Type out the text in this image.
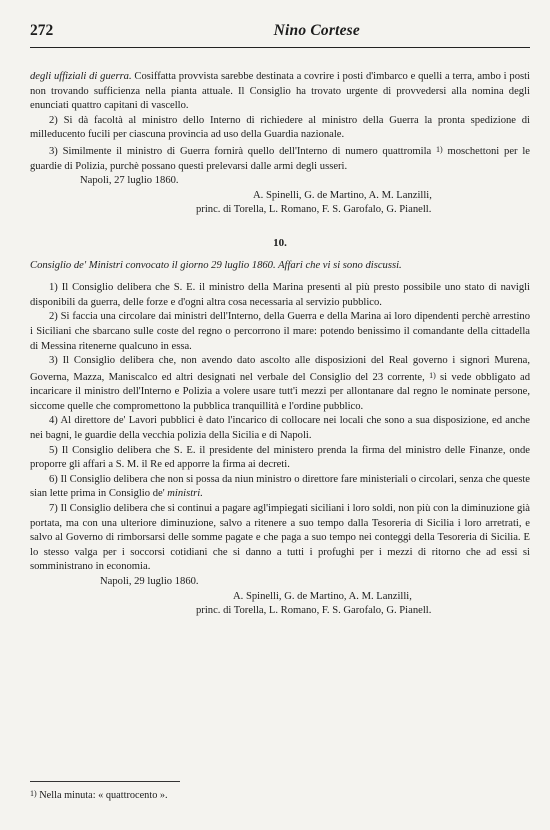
272	Nino Cortese

degli uffiziali di guerra. Cosiffatta provvista sarebbe destinata a covrire i posti d'imbarco e quelli a terra, ambo i posti non trovando sufficienza nella pianta attuale. Il Consiglio ha trovato urgente di provvedersi alla nomina degli enunciati quattro capitani di vascello.

2) Si dà facoltà al ministro dello Interno di richiedere al ministro della Guerra la pronta spedizione di milleducento fucili per ciascuna provincia ad uso della Guardia nazionale.

3) Similmente il ministro di Guerra fornirà quello dell'Interno di numero quattromila $^{1)}$ moschettoni per le guardie di Polizia, purchè possano questi prelevarsi dalle armi degli usseri.

Napoli, 27 luglio 1860.

A. Spinelli, G. de Martino, A. M. Lanzilli,

princ. di Torella, L. Romano, F. S. Garofalo, G. Pianell.

10.

Consiglio de' Ministri convocato il giorno 29 luglio 1860. Affari che vi si sono discussi.

1) Il Consiglio delibera che S. E. il ministro della Marina presenti al più presto possibile uno stato di navigli disponibili da guerra, delle forze e d'ogni altra cosa necessaria al servizio pubblico.

2) Si faccia una circolare dai ministri dell'Interno, della Guerra e della Marina ai loro dipendenti perchè arrestino i Siciliani che sbarcano sulle coste del regno o percorrono il mare: potendo benissimo il comandante della cittadella di Messina ritenerne qualcuno in essa.

3) Il Consiglio delibera che, non avendo dato ascolto alle disposizioni del Real governo i signori Murena, Governa, Mazza, Maniscalco ed altri designati nel verbale del Consiglio del 23 corrente, $^{1)}$ si vede obbligato ad incaricare il ministro dell'Interno e Polizia a volere usare tutt'i mezzi per allontanare dal regno le nominate persone, siccome quelle che compromettono la pubblica tranquillità e l'ordine pubblico.

4) Al direttore de' Lavori pubblici è dato l'incarico di collocare nei locali che sono a sua disposizione, ed anche nei bagni, le guardie della vecchia polizia della Sicilia e di Napoli.

5) Il Consiglio delibera che S. E. il presidente del ministero prenda la firma del ministro delle Finanze, onde proporre gli affari a S. M. il Re ed apporre la firma ai decreti.

6) Il Consiglio delibera che non si possa da niun ministro o direttore fare ministeriali o circolari, senza che queste sian lette prima in Consiglio de' ministri.

7) Il Consiglio delibera che si continui a pagare agl'impiegati siciliani i loro soldi, non più con la diminuzione già portata, ma con una ulteriore diminuzione, salvo a ritenere a suo tempo dalla Tesoreria di Sicilia i loro arretrati, e salvo al Governo di rimborsarsi delle somme pagate e che paga a suo tempo nei conteggi della Tesoreria di Sicilia. E lo stesso valga per i soccorsi cotidiani che si danno a tutti i profughi per i mezzi di ritorno che ad essi si somministrano in economia.

Napoli, 29 luglio 1860.

A. Spinelli, G. de Martino, A. M. Lanzilli,

princ. di Torella, L. Romano, F. S. Garofalo, G. Pianell.

$^{1)}$ Nella minuta: « quattrocento ».
